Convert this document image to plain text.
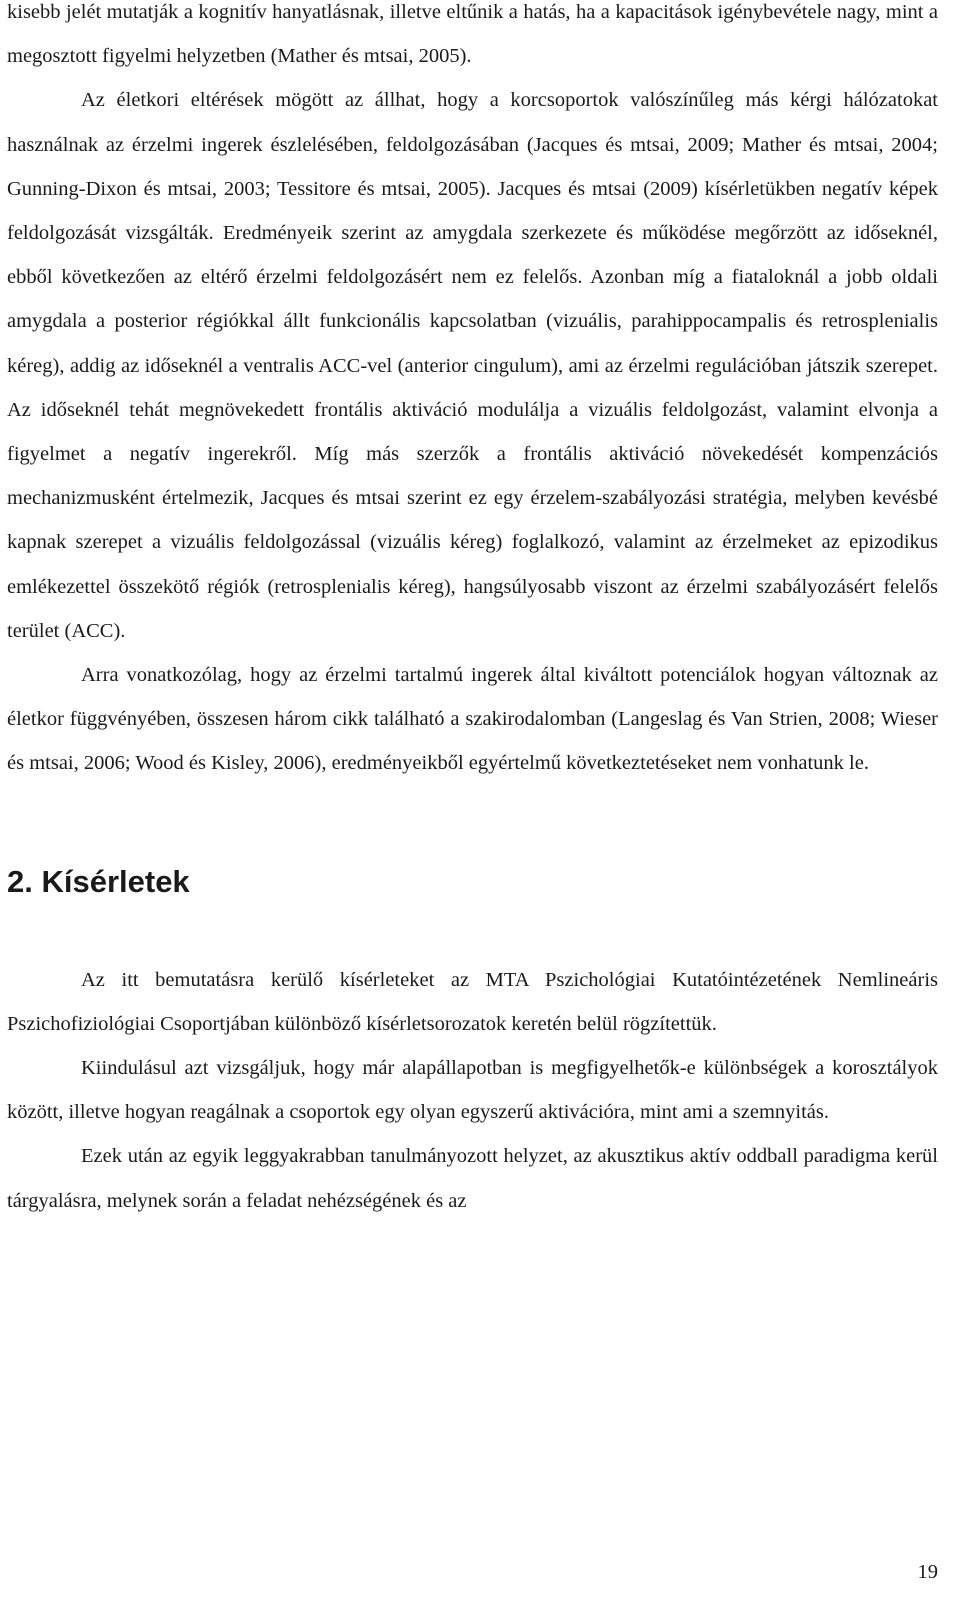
kisebb jelét mutatják a kognitív hanyatlásnak, illetve eltűnik a hatás, ha a kapacitások igénybevétele nagy, mint a megosztott figyelmi helyzetben (Mather és mtsai, 2005).

Az életkori eltérések mögött az állhat, hogy a korcsoportok valószínűleg más kérgi hálózatokat használnak az érzelmi ingerek észlelésében, feldolgozásában (Jacques és mtsai, 2009; Mather és mtsai, 2004; Gunning-Dixon és mtsai, 2003; Tessitore és mtsai, 2005). Jacques és mtsai (2009) kísérletükben negatív képek feldolgozását vizsgálták. Eredményeik szerint az amygdala szerkezete és működése megőrzött az időseknél, ebből következően az eltérő érzelmi feldolgozásért nem ez felelős. Azonban míg a fiataloknál a jobb oldali amygdala a posterior régiókkal állt funkcionális kapcsolatban (vizuális, parahippocampalis és retrosplenialis kéreg), addig az időseknél a ventralis ACC-vel (anterior cingulum), ami az érzelmi regulációban játszik szerepet. Az időseknél tehát megnövekedett frontális aktiváció modulálja a vizuális feldolgozást, valamint elvonja a figyelmet a negatív ingerekről. Míg más szerzők a frontális aktiváció növekedését kompenzációs mechanizmusként értelmezik, Jacques és mtsai szerint ez egy érzelem-szabályozási stratégia, melyben kevésbé kapnak szerepet a vizuális feldolgozással (vizuális kéreg) foglalkozó, valamint az érzelmeket az epizodikus emlékezettel összekötő régiók (retrosplenialis kéreg), hangsúlyosabb viszont az érzelmi szabályozásért felelős terület (ACC).

Arra vonatkozólag, hogy az érzelmi tartalmú ingerek által kiváltott potenciálok hogyan változnak az életkor függvényében, összesen három cikk található a szakirodalomban (Langeslag és Van Strien, 2008; Wieser és mtsai, 2006; Wood és Kisley, 2006), eredményeikből egyértelmű következtetéseket nem vonhatunk le.

2. Kísérletek

Az itt bemutatásra kerülő kísérleteket az MTA Pszichológiai Kutatóintézetének Nemlineáris Pszichofiziológiai Csoportjában különböző kísérletsorozatok keretén belül rögzítettük.

Kiindulásul azt vizsgáljuk, hogy már alapállapotban is megfigyelhetők-e különbségek a korosztályok között, illetve hogyan reagálnak a csoportok egy olyan egyszerű aktivációra, mint ami a szemnyitás.

Ezek után az egyik leggyakrabban tanulmányozott helyzet, az akusztikus aktív oddball paradigma kerül tárgyalásra, melynek során a feladat nehézségének és az

19
